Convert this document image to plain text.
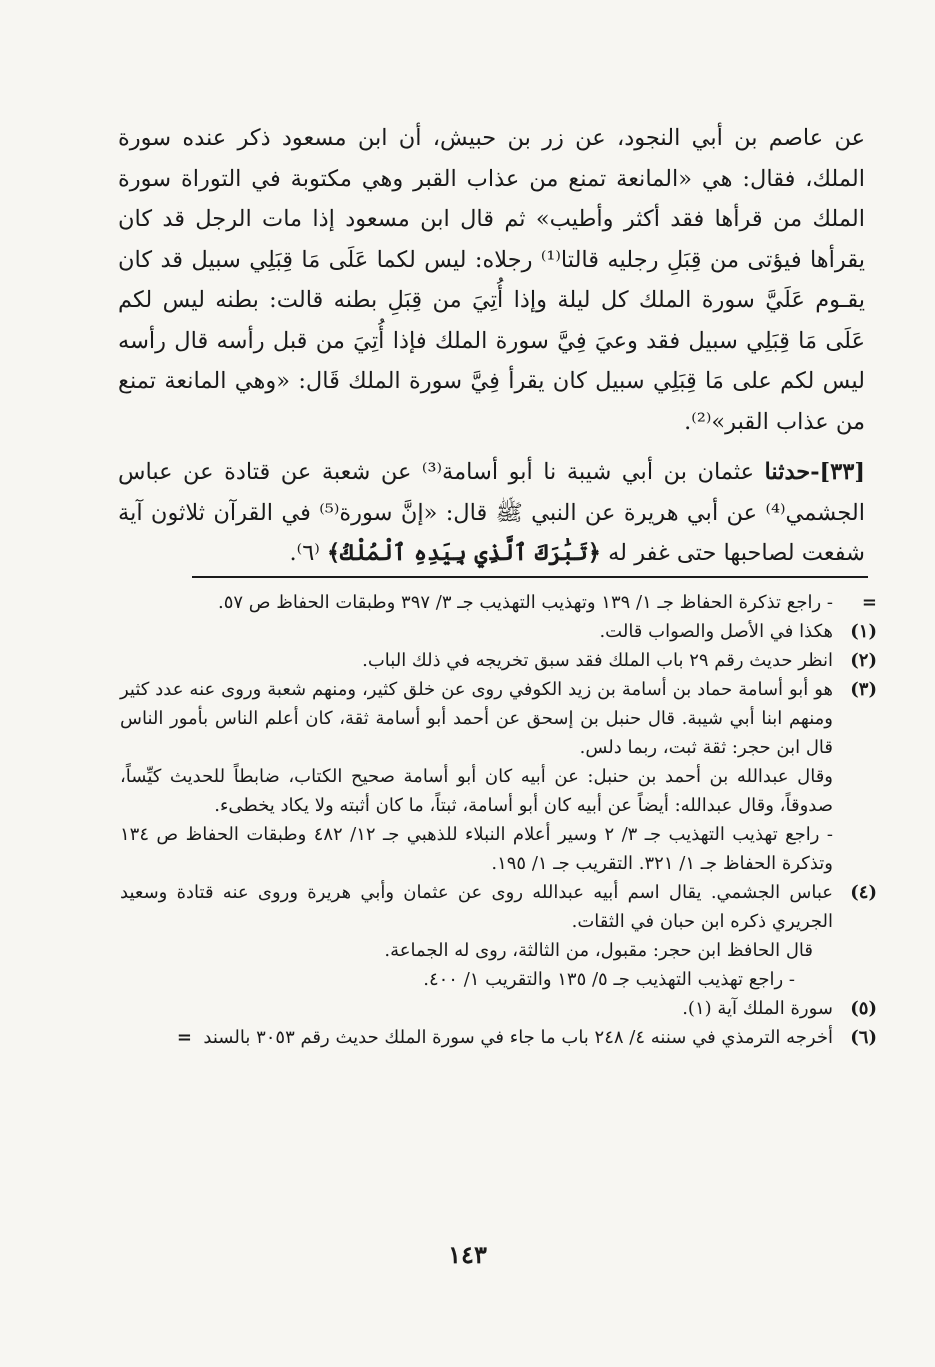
عن عاصم بن أبي النجود، عن زر بن حبيش، أن ابن مسعود ذكر عنده سورة الملك، فقال: هي «المانعة تمنع من عذاب القبر وهي مكتوبة في التوراة سورة الملك من قرأها فقد أكثر وأطيب» ثم قال ابن مسعود إذا مات الرجل قد كان يقرأها فيؤتى من قِبَلِ رجليه قالتا⁽¹⁾ رجلاه: ليس لكما عَلَى مَا قِبَلِي سبيل قد كان يقـوم عَلَيَّ سورة الملك كل ليلة وإذا أُتِيَ من قِبَلِ بطنه قالت: بطنه ليس لكم عَلَى مَا قِبَلِي سبيل فقد وعيَ فِيَّ سورة الملك فإذا أُتِيَ من قبل رأسه قال رأسه ليس لكم على مَا قِبَلِي سبيل كان يقرأ فِيَّ سورة الملك قَال: «وهي المانعة تمنع من عذاب القبر»⁽²⁾.

[٣٣]-حدثنا عثمان بن أبي شيبة نا أبو أسامة⁽³⁾ عن شعبة عن قتادة عن عباس الجشمي⁽⁴⁾ عن أبي هريرة عن النبي ﷺ قال: «إنَّ سورة⁽⁵⁾ في القرآن ثلاثون آية شفعت لصاحبها حتى غفر له ﴿تَبَٰرَكَ ٱلَّذِي بِيَدِهِ ٱلْمُلْكُ﴾ ⁽٦⁾.

=
- راجع تذكرة الحفاظ جـ ١/ ١٣٩ وتهذيب التهذيب جـ ٣/ ٣٩٧ وطبقات الحفاظ ص ٥٧.
(١)
هكذا في الأصل والصواب قالت.
(٢)
انظر حديث رقم ٢٩ باب الملك فقد سبق تخريجه في ذلك الباب.
(٣)
هو أبو أسامة حماد بن أسامة بن زيد الكوفي روى عن خلق كثير، ومنهم شعبة وروى عنه عدد كثير ومنهم ابنا أبي شيبة. قال حنبل بن إسحق عن أحمد أبو أسامة ثقة، كان أعلم الناس بأمور الناس قال ابن حجر: ثقة ثبت، ربما دلس.
وقال عبدالله بن أحمد بن حنبل: عن أبيه كان أبو أسامة صحيح الكتاب، ضابطاً للحديث كيِّساً، صدوقاً، وقال عبدالله: أيضاً عن أبيه كان أبو أسامة، ثبتاً، ما كان أثبته ولا يكاد يخطىء.
- راجع تهذيب التهذيب جـ ٣/ ٢ وسير أعلام النبلاء للذهبي جـ ١٢/ ٤٨٢ وطبقات الحفاظ ص ١٣٤ وتذكرة الحفاظ جـ ١/ ٣٢١. التقريب جـ ١/ ١٩٥.
(٤)
عباس الجشمي. يقال اسم أبيه عبدالله روى عن عثمان وأبي هريرة وروى عنه قتادة وسعيد الجريري ذكره ابن حبان في الثقات.
قال الحافظ ابن حجر: مقبول، من الثالثة، روى له الجماعة.
- راجع تهذيب التهذيب جـ ٥/ ١٣٥ والتقريب ١/ ٤٠٠.
(٥)
سورة الملك آية (١).
(٦)
أخرجه الترمذي في سننه ٤/ ٢٤٨ باب ما جاء في سورة الملك حديث رقم ٣٠٥٣ بالسند  =
١٤٣
